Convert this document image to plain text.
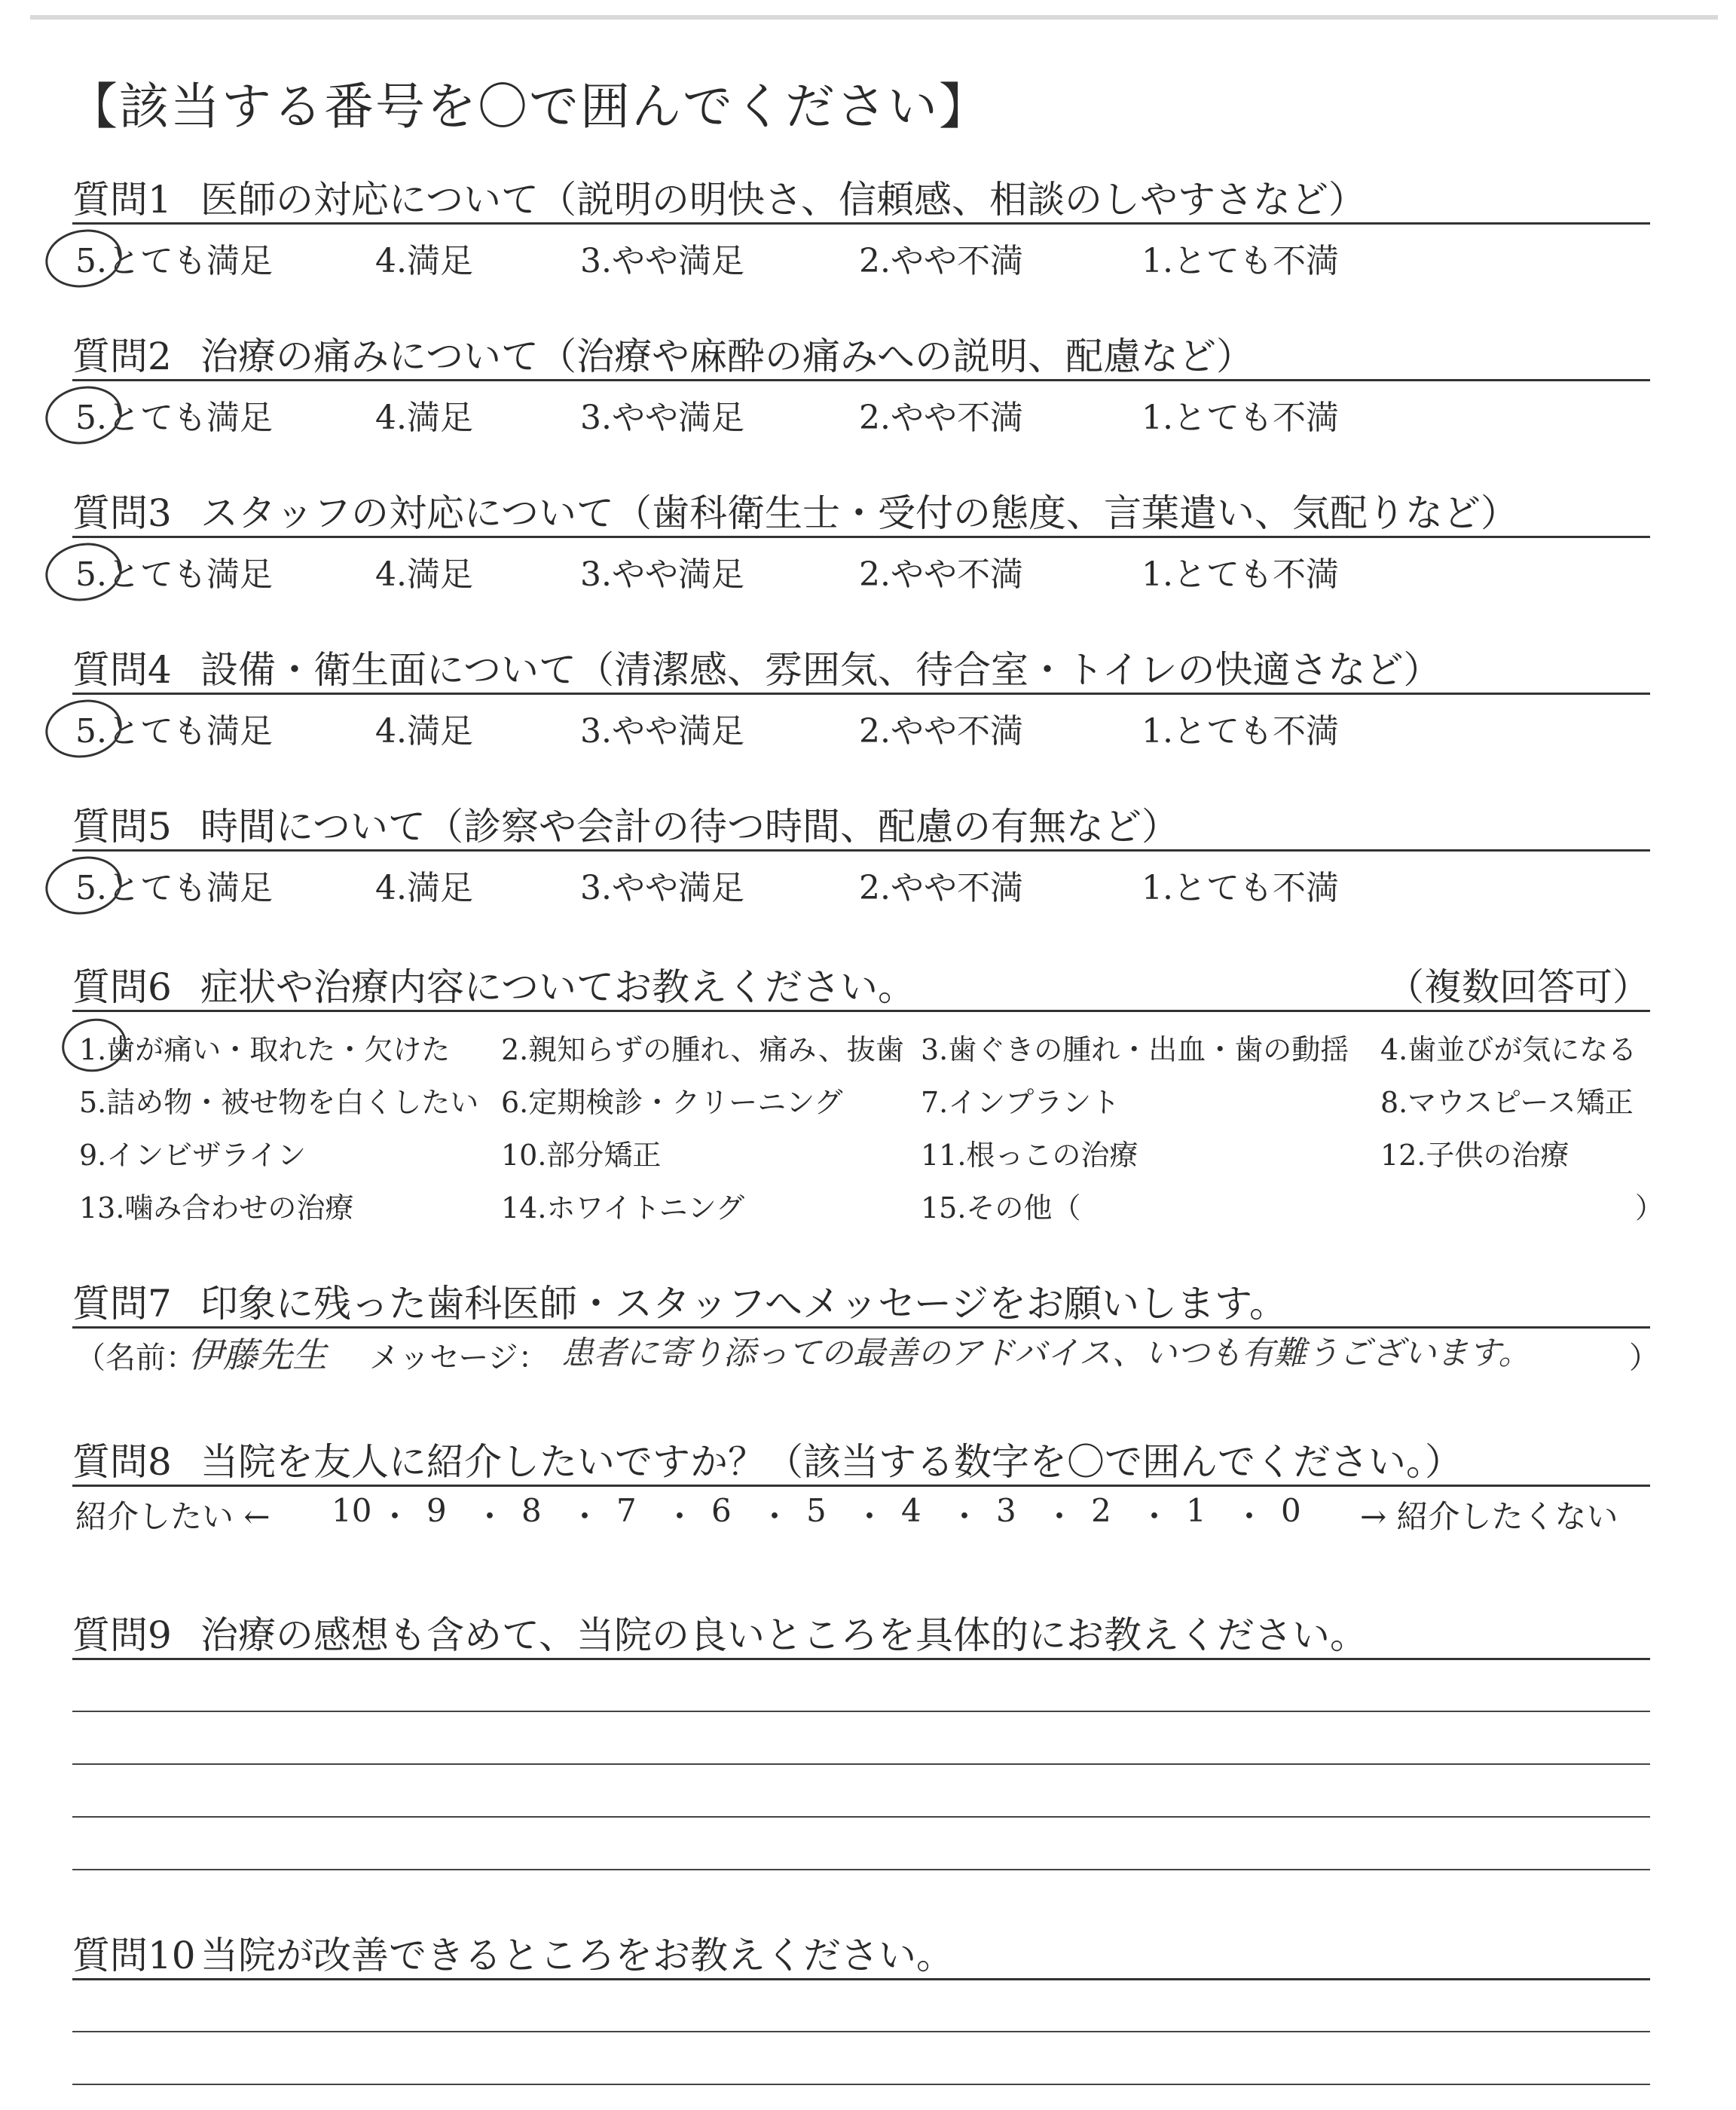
【該当する番号を〇で囲んでください】
質問1 医師の対応について（説明の明快さ、信頼感、相談のしやすさなど）
5.とても満足	4.満足	3.やや満足	2.やや不満	1.とても不満
質問2 治療の痛みについて（治療や麻酔の痛みへの説明、配慮など）
5.とても満足	4.満足	3.やや満足	2.やや不満	1.とても不満
質問3 スタッフの対応について（歯科衛生士・受付の態度、言葉遣い、気配りなど）
5.とても満足	4.満足	3.やや満足	2.やや不満	1.とても不満
質問4 設備・衛生面について（清潔感、雰囲気、待合室・トイレの快適さなど）
5.とても満足	4.満足	3.やや満足	2.やや不満	1.とても不満
質問5 時間について（診察や会計の待つ時間、配慮の有無など）
5.とても満足	4.満足	3.やや満足	2.やや不満	1.とても不満
質問6 症状や治療内容についてお教えください。	（複数回答可）
1.歯が痛い・取れた・欠けた 2.親知らずの腫れ、痛み、抜歯 3.歯ぐきの腫れ・出血・歯の動揺 4.歯並びが気になる
5.詰め物・被せ物を白くしたい 6.定期検診・クリーニング	7.インプラント	8.マウスピース矯正
9.インビザライン	10.部分矯正	11.根っこの治療	12.子供の治療
13.噛み合わせの治療	14.ホワイトニング	15.その他（	）
質問7 印象に残った歯科医師・スタッフへメッセージをお願いします。
（名前：
伊藤先生 メッセージ： 患者に寄り添っての最善のアドバイス、いつも有難うございます。	）
質問8 当院を友人に紹介したいですか？（該当する数字を〇で囲んでください。）
紹介したい ← 10 ・ 9 ・ 8 ・ 7 ・ 6 ・ 5 ・ 4 ・ 3 ・ 2 ・ 1 ・ 0 → 紹介したくない
質問9 治療の感想も含めて、当院の良いところを具体的にお教えください。
質問10 当院が改善できるところをお教えください。
